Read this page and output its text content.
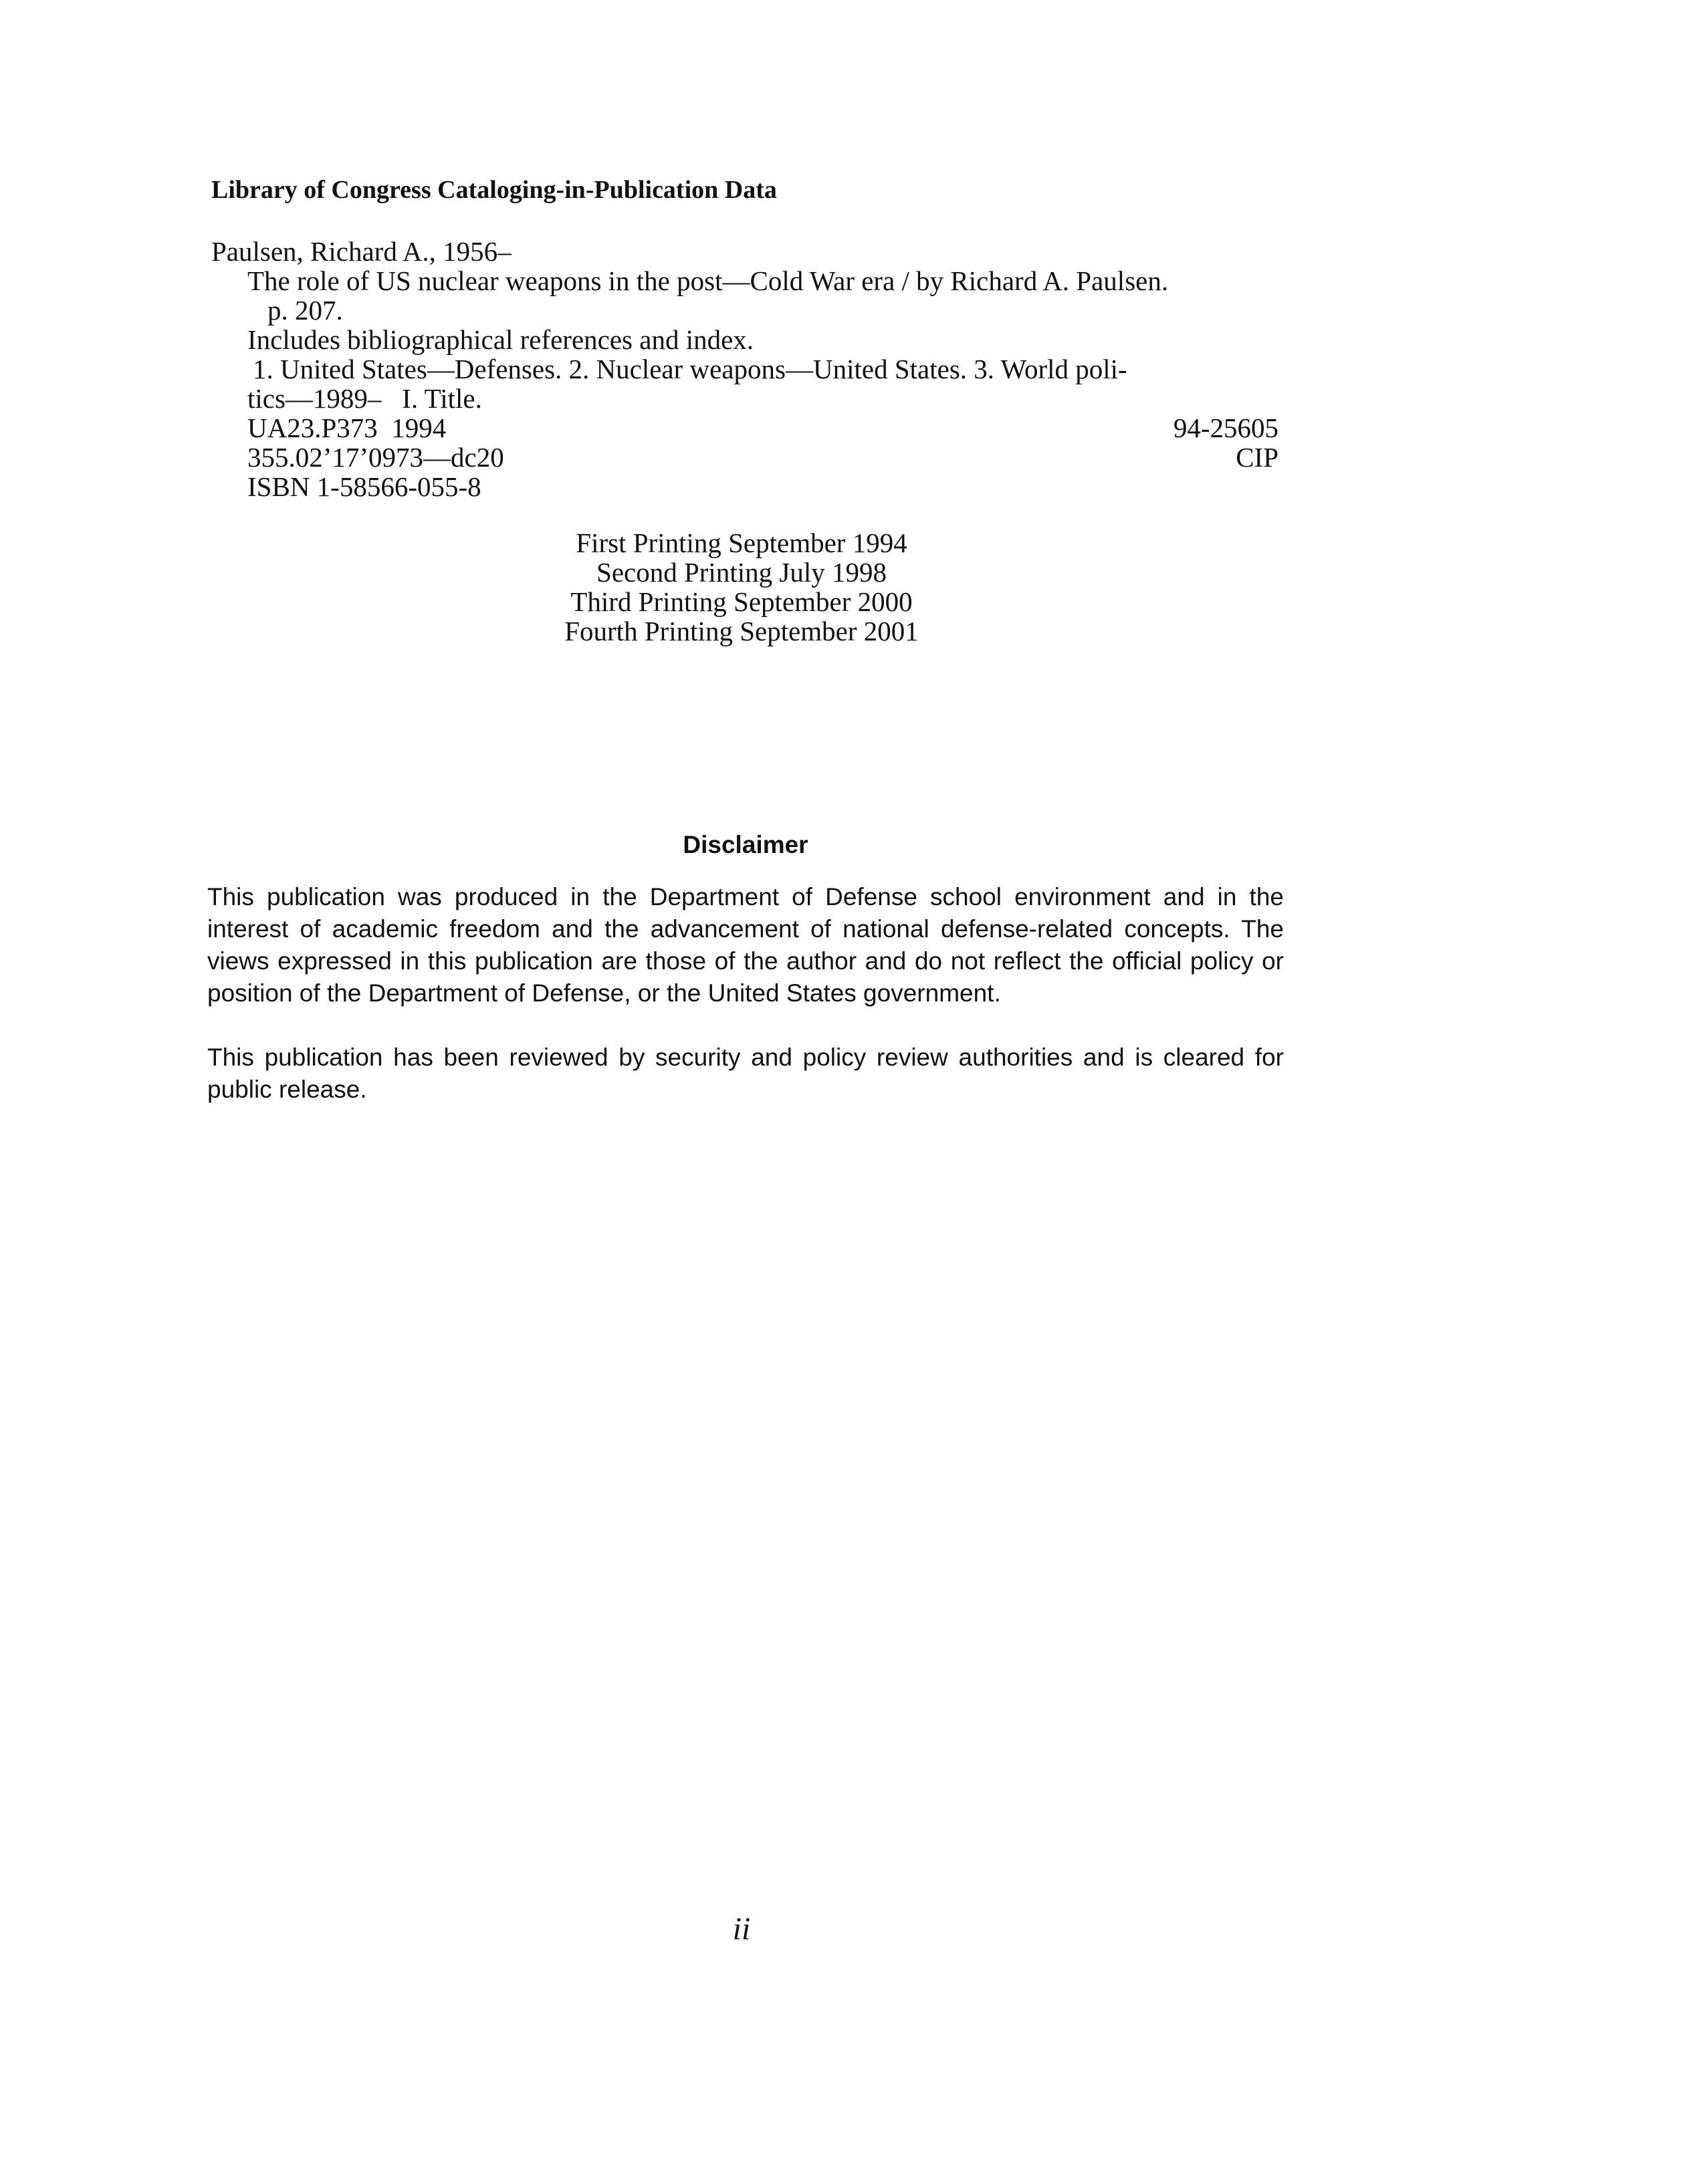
Library of Congress Cataloging-in-Publication Data
Paulsen, Richard A., 1956–
The role of US nuclear weapons in the post—Cold War era / by Richard A. Paulsen.
p. 207.
Includes bibliographical references and index.
1. United States—Defenses. 2. Nuclear weapons—United States. 3. World poli-
tics—1989–   I. Title.
UA23.P373  1994	94-25605
355.02’17’0973—dc20	CIP
ISBN 1-58566-055-8
First Printing September 1994
Second Printing July 1998
Third Printing September 2000
Fourth Printing September 2001
Disclaimer
This publication was produced in the Department of Defense school environment and in the interest of academic freedom and the advancement of national defense-related concepts. The views expressed in this publication are those of the author and do not reflect the official policy or position of the Department of Defense, or the United States government.
This publication has been reviewed by security and policy review authorities and is cleared for public release.
ii
